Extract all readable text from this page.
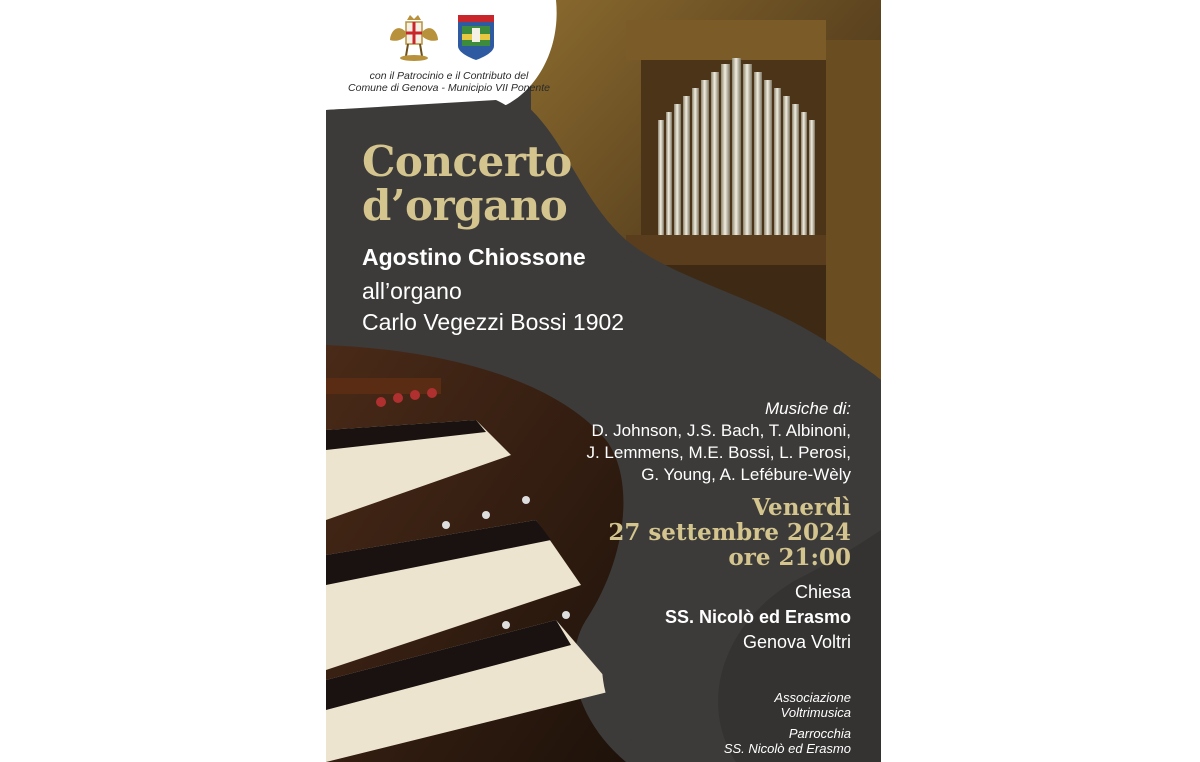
con il Patrocinio e il Contributo del
Comune di Genova - Municipio VII Ponente
Concerto
d’organo
Agostino Chiossone
all’organo
Carlo Vegezzi Bossi 1902
Musiche di:
D. Johnson, J.S. Bach, T. Albinoni,
J. Lemmens, M.E. Bossi, L. Perosi,
G. Young, A. Lefébure-Wèly
Venerdì
27 settembre 2024
ore 21:00
Chiesa
SS. Nicolò ed Erasmo
Genova Voltri
Associazione
Voltrimusica
Parrocchia
SS. Nicolò ed Erasmo
